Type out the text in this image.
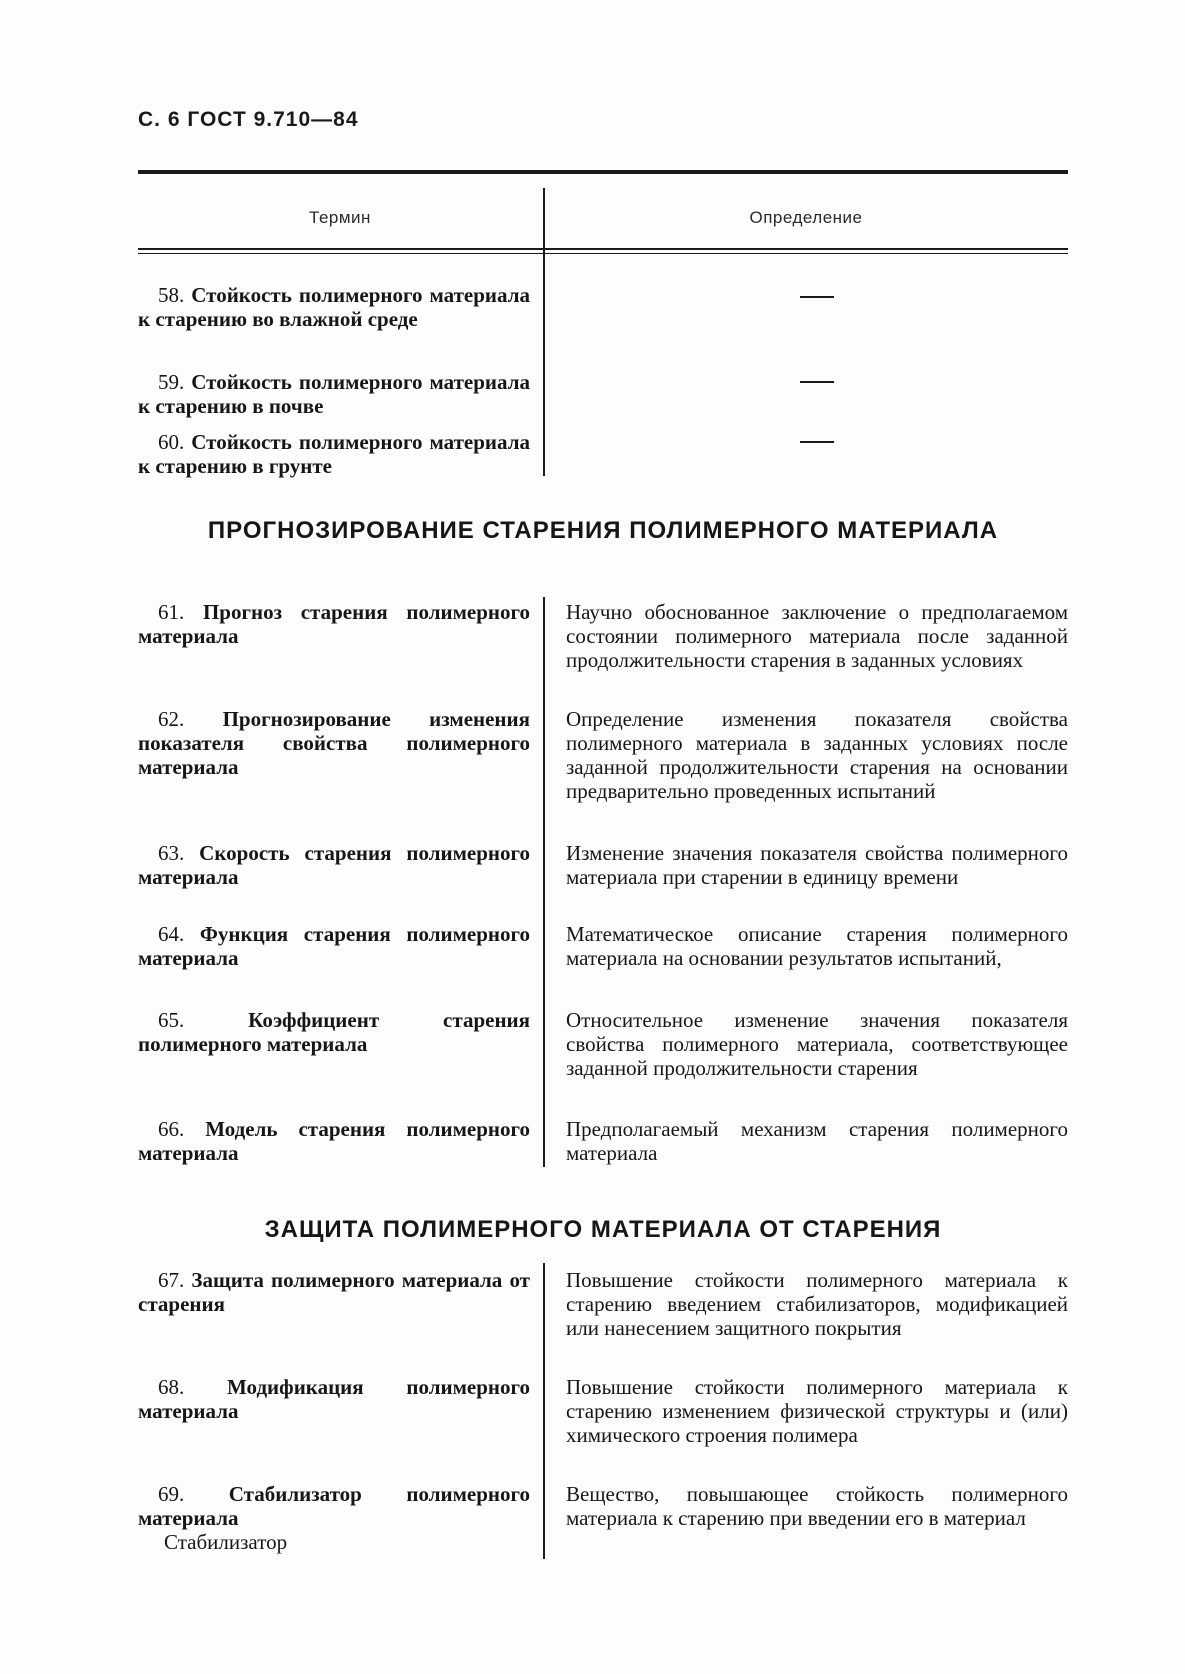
С. 6 ГОСТ 9.710—84
Термин	Определение
58. Стойкость полимерного материала к старению во влажной среде
59. Стойкость полимерного материала к старению в почве
60. Стойкость полимерного материала к старению в грунте
ПРОГНОЗИРОВАНИЕ СТАРЕНИЯ ПОЛИМЕРНОГО МАТЕРИАЛА
61. Прогноз старения полимерного материала
Научно обоснованное заключение о предполагаемом состоянии полимерного материала после заданной продолжительности старения в заданных условиях
62. Прогнозирование изменения показателя свойства полимерного материала
Определение изменения показателя свойства полимерного материала в заданных условиях после заданной продолжительности старения на основании предварительно проведенных испытаний
63. Скорость старения полимерного материала
Изменение значения показателя свойства полимерного материала при старении в единицу времени
64. Функция старения полимерного материала
Математическое описание старения полимерного материала на основании результатов испытаний,
65.	Коэффициент старения полимерного материала
Относительное изменение значения показателя свойства полимерного материала, соответствующее заданной продолжительности старения
66. Модель старения полимерного материала
Предполагаемый механизм старения полимерного материала
ЗАЩИТА ПОЛИМЕРНОГО МАТЕРИАЛА ОТ СТАРЕНИЯ
67. Защита полимерного материала от старения
Повышение стойкости полимерного материала к старению введением стабилизаторов, модификацией или нанесением защитного покрытия
68. Модификация полимерного материала
Повышение стойкости полимерного материала к старению изменением физической структуры и (или) химического строения полимера
69. Стабилизатор полимерного материала
Стабилизатор
Вещество, повышающее стойкость полимерного материала к старению при введении его в материал
